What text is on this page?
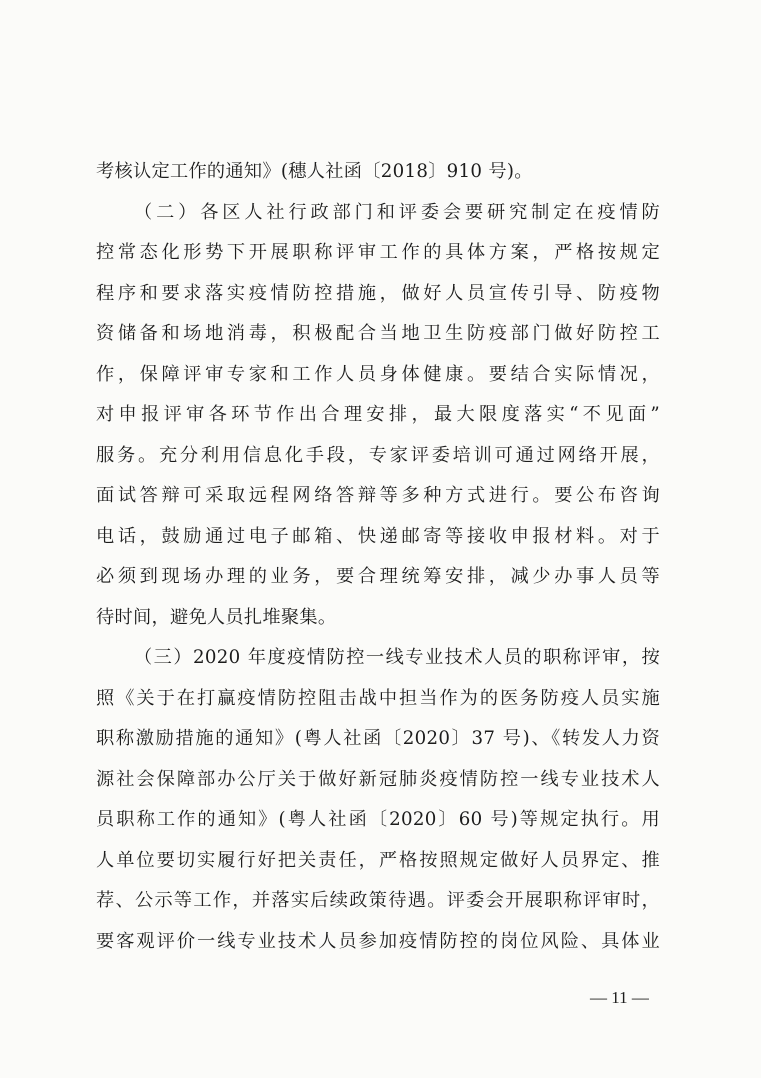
考核认定工作的通知》(穗人社函〔2018〕910 号)。
（二）各区人社行政部门和评委会要研究制定在疫情防
控常态化形势下开展职称评审工作的具体方案，严格按规定
程序和要求落实疫情防控措施，做好人员宣传引导、防疫物
资储备和场地消毒，积极配合当地卫生防疫部门做好防控工
作，保障评审专家和工作人员身体健康。要结合实际情况，
对申报评审各环节作出合理安排，最大限度落实“不见面”
服务。充分利用信息化手段，专家评委培训可通过网络开展，
面试答辩可采取远程网络答辩等多种方式进行。要公布咨询
电话，鼓励通过电子邮箱、快递邮寄等接收申报材料。对于
必须到现场办理的业务，要合理统筹安排，减少办事人员等
待时间，避免人员扎堆聚集。
（三）2020 年度疫情防控一线专业技术人员的职称评审，按
照《关于在打赢疫情防控阻击战中担当作为的医务防疫人员实施
职称激励措施的通知》(粤人社函〔2020〕37 号)、《转发人力资
源社会保障部办公厅关于做好新冠肺炎疫情防控一线专业技术人
员职称工作的通知》(粤人社函〔2020〕60 号)等规定执行。用
人单位要切实履行好把关责任，严格按照规定做好人员界定、推
荐、公示等工作，并落实后续政策待遇。评委会开展职称评审时，
要客观评价一线专业技术人员参加疫情防控的岗位风险、具体业
— 11 —
